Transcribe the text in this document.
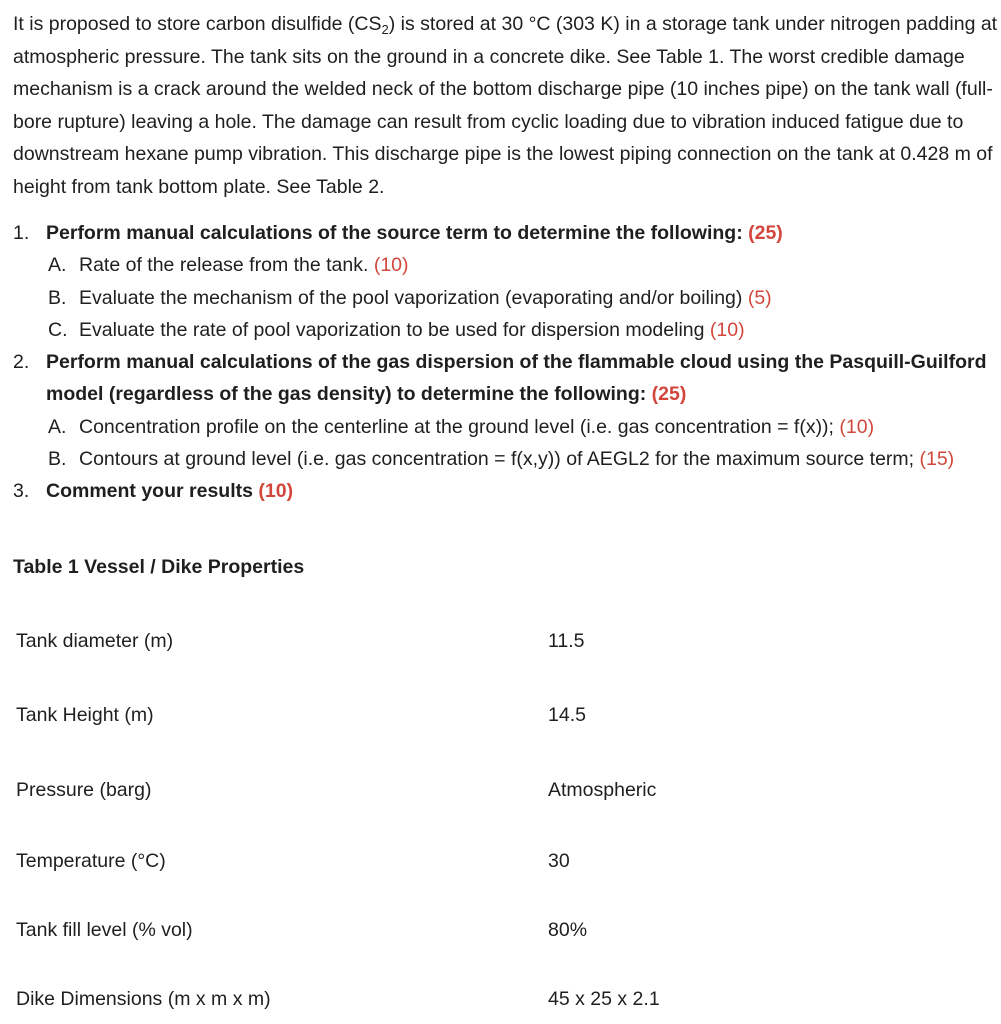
It is proposed to store carbon disulfide $(CS_2)$ is stored at 30 °C (303 K) in a storage tank under nitrogen padding at atmospheric pressure. The tank sits on the ground in a concrete dike. See Table 1. The worst credible damage mechanism is a crack around the welded neck of the bottom discharge pipe (10 inches pipe) on the tank wall (full-bore rupture) leaving a hole. The damage can result from cyclic loading due to vibration induced fatigue due to downstream hexane pump vibration. This discharge pipe is the lowest piping connection on the tank at 0.428 m of height from tank bottom plate. See Table 2.
1. Perform manual calculations of the source term to determine the following: (25)
A. Rate of the release from the tank. (10)
B. Evaluate the mechanism of the pool vaporization (evaporating and/or boiling) (5)
C. Evaluate the rate of pool vaporization to be used for dispersion modeling (10)
2. Perform manual calculations of the gas dispersion of the flammable cloud using the Pasquill-Guilford model (regardless of the gas density) to determine the following: (25)
A. Concentration profile on the centerline at the ground level (i.e. gas concentration = f(x)); (10)
B. Contours at ground level (i.e. gas concentration = f(x,y)) of AEGL2 for the maximum source term; (15)
3. Comment your results (10)
Table 1 Vessel / Dike Properties
Tank diameter (m)	11.5
Tank Height (m)	14.5
Pressure (barg)	Atmospheric
Temperature (°C)	30
Tank fill level (% vol)	80%
Dike Dimensions (m x m x m)	45 x 25 x 2.1
